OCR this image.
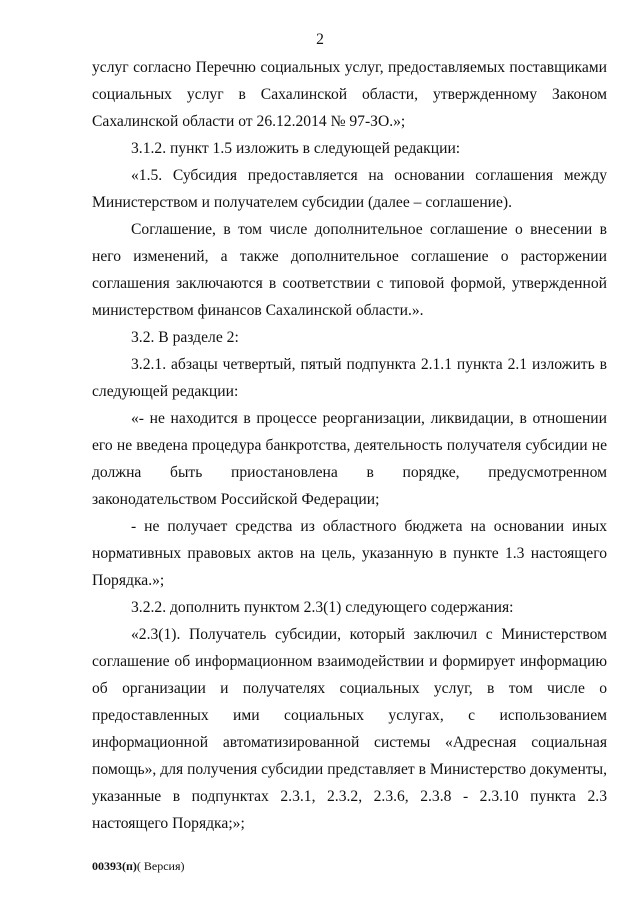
2

услуг согласно Перечню социальных услуг, предоставляемых поставщиками социальных услуг в Сахалинской области, утвержденному Законом Сахалинской области от 26.12.2014 № 97-ЗО.»;

3.1.2. пункт 1.5 изложить в следующей редакции:

«1.5. Субсидия предоставляется на основании соглашения между Министерством и получателем субсидии (далее – соглашение).

Соглашение, в том числе дополнительное соглашение о внесении в него изменений, а также дополнительное соглашение о расторжении соглашения заключаются в соответствии с типовой формой, утвержденной министерством финансов Сахалинской области.».

3.2. В разделе 2:

3.2.1. абзацы четвертый, пятый подпункта 2.1.1 пункта 2.1 изложить в следующей редакции:

«- не находится в процессе реорганизации, ликвидации, в отношении его не введена процедура банкротства, деятельность получателя субсидии не должна быть приостановлена в порядке, предусмотренном законодательством Российской Федерации;

- не получает средства из областного бюджета на основании иных нормативных правовых актов на цель, указанную в пункте 1.3 настоящего Порядка.»;

3.2.2. дополнить пунктом 2.3(1) следующего содержания:

«2.3(1). Получатель субсидии, который заключил с Министерством соглашение об информационном взаимодействии и формирует информацию об организации и получателях социальных услуг, в том числе о предоставленных ими социальных услугах, с использованием информационной автоматизированной системы «Адресная социальная помощь», для получения субсидии представляет в Министерство документы, указанные в подпунктах 2.3.1, 2.3.2, 2.3.6, 2.3.8 - 2.3.10 пункта 2.3 настоящего Порядка;»;

00393(п)( Версия)
